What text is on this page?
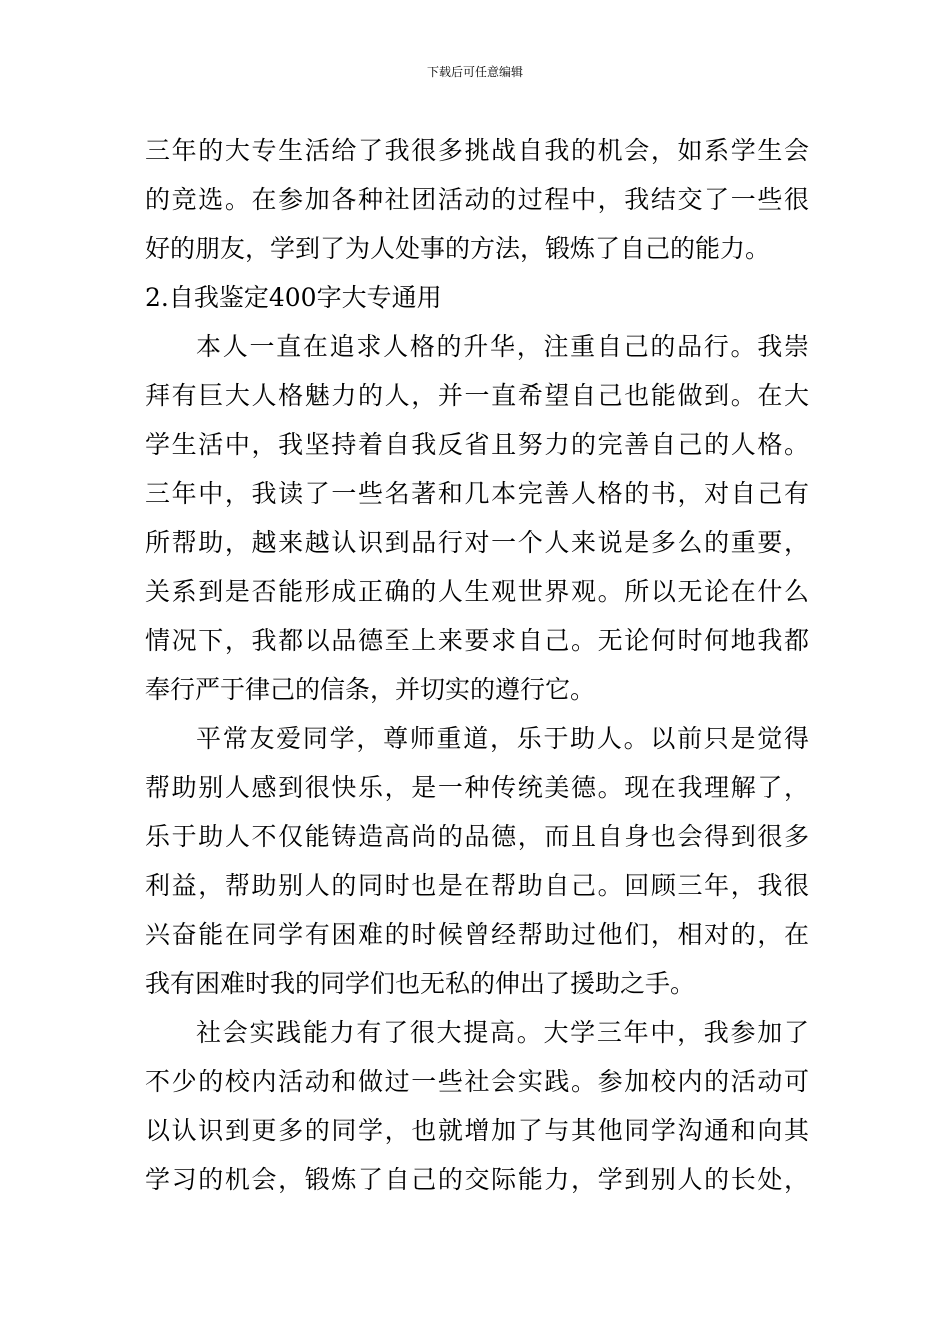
下载后可任意编辑
三年的大专生活给了我很多挑战自我的机会，如系学生会
的竞选。在参加各种社团活动的过程中，我结交了一些很
好的朋友，学到了为人处事的方法，锻炼了自己的能力。
2.自我鉴定400字大专通用
本人一直在追求人格的升华，注重自己的品行。我崇
拜有巨大人格魅力的人，并一直希望自己也能做到。在大
学生活中，我坚持着自我反省且努力的完善自己的人格。
三年中，我读了一些名著和几本完善人格的书，对自己有
所帮助，越来越认识到品行对一个人来说是多么的重要，
关系到是否能形成正确的人生观世界观。所以无论在什么
情况下，我都以品德至上来要求自己。无论何时何地我都
奉行严于律己的信条，并切实的遵行它。
平常友爱同学，尊师重道，乐于助人。以前只是觉得
帮助别人感到很快乐，是一种传统美德。现在我理解了，
乐于助人不仅能铸造高尚的品德，而且自身也会得到很多
利益，帮助别人的同时也是在帮助自己。回顾三年，我很
兴奋能在同学有困难的时候曾经帮助过他们，相对的，在
我有困难时我的同学们也无私的伸出了援助之手。
社会实践能力有了很大提高。大学三年中，我参加了
不少的校内活动和做过一些社会实践。参加校内的活动可
以认识到更多的同学，也就增加了与其他同学沟通和向其
学习的机会，锻炼了自己的交际能力，学到别人的长处，
